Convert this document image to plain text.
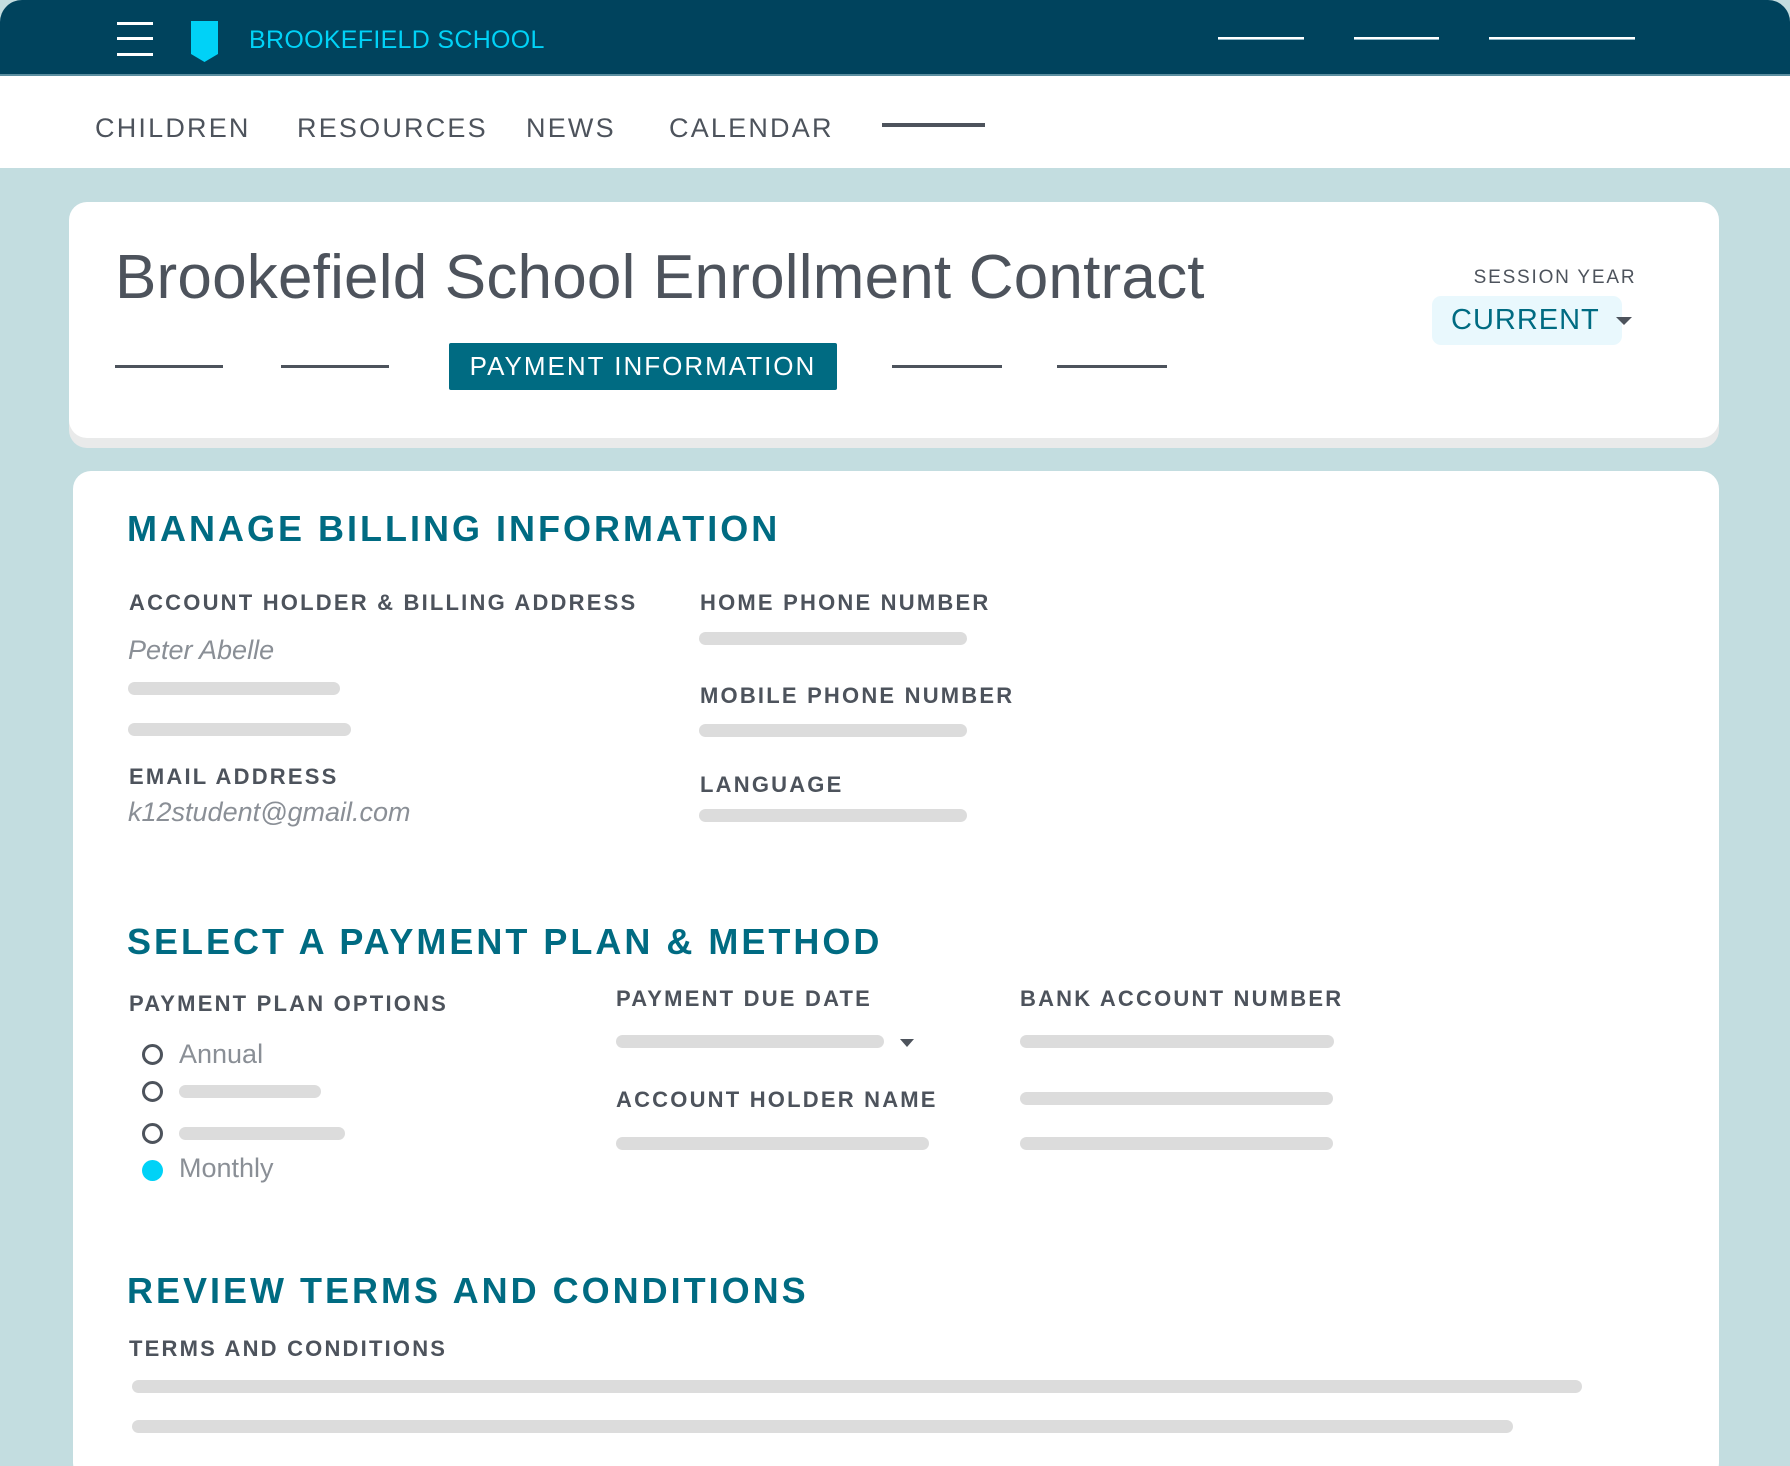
BROOKEFIELD SCHOOL
CHILDREN RESOURCES NEWS CALENDAR
Brookefield School Enrollment Contract
PAYMENT INFORMATION
SESSION YEAR
CURRENT
MANAGE BILLING INFORMATION
ACCOUNT HOLDER & BILLING ADDRESS
Peter Abelle
EMAIL ADDRESS
k12student@gmail.com
HOME PHONE NUMBER
MOBILE PHONE NUMBER
LANGUAGE
SELECT A PAYMENT PLAN & METHOD
PAYMENT PLAN OPTIONS
Annual
Monthly
PAYMENT DUE DATE
ACCOUNT HOLDER NAME
BANK ACCOUNT NUMBER
REVIEW TERMS AND CONDITIONS
TERMS AND CONDITIONS
